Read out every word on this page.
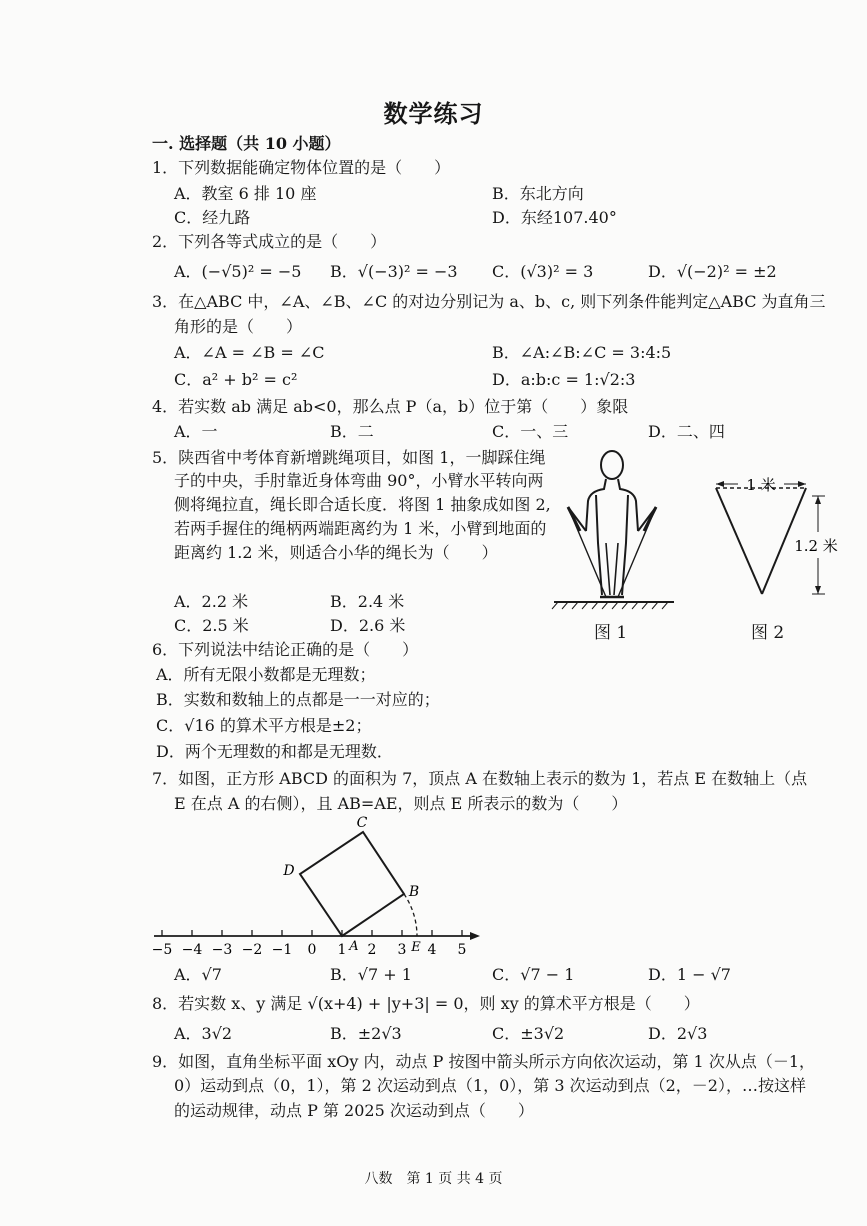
数学练习
一. 选择题（共 10 小题）
1．下列数据能确定物体位置的是（　　）
A．教室 6 排 10 座	B．东北方向
C．经九路	D．东经107.40°
2．下列各等式成立的是（　　）
A．(−√5)² = −5 B．√(−3)² = −3 C．(√3)² = 3	D．√(−2)² = ±2
3．在△ABC 中，∠A、∠B、∠C 的对边分别记为 a、b、c, 则下列条件能判定△ABC 为直角三
角形的是（　　）
A．∠A = ∠B = ∠C	B．∠A:∠B:∠C = 3:4:5
C．a² + b² = c²	D．a:b:c = 1:√2:3
4．若实数 ab 满足 ab<0，那么点 P（a，b）位于第（　　）象限
A．一	B．二	C．一、三	D．二、四
5．陕西省中考体育新增跳绳项目，如图 1，一脚踩住绳
子的中央，手肘靠近身体弯曲 90°，小臂水平转向两
侧将绳拉直，绳长即合适长度．将图 1 抽象成如图 2,
若两手握住的绳柄两端距离约为 1 米，小臂到地面的
距离约 1.2 米，则适合小华的绳长为（　　）
A．2.2 米	B．2.4 米
C．2.5 米	D．2.6 米	图 1
1 米
1.2 米
图 2
6．下列说法中结论正确的是（　　）
A．所有无限小数都是无理数；
B．实数和数轴上的点都是一一对应的；
C．√16 的算术平方根是±2；
D．两个无理数的和都是无理数．
7．如图，正方形 ABCD 的面积为 7，顶点 A 在数轴上表示的数为 1，若点 E 在数轴上（点
E 在点 A 的右侧），且 AB=AE，则点 E 所表示的数为（　　）
C
D
B
A	E
−5 −4 −3 −2 −1 0 1 2 3 4 5
A．√7	B．√7 + 1	C．√7 − 1	D．1 − √7
8．若实数 x、y 满足 √(x+4) + |y+3| = 0，则 xy 的算术平方根是（　　）
A．3√2	B．±2√3	C．±3√2	D．2√3
9．如图，直角坐标平面 xOy 内，动点 P 按图中箭头所示方向依次运动，第 1 次从点（－1，
0）运动到点（0，1），第 2 次运动到点（1，0），第 3 次运动到点（2，－2），…按这样
的运动规律，动点 P 第 2025 次运动到点（　　）
八数　第 1 页 共 4 页
